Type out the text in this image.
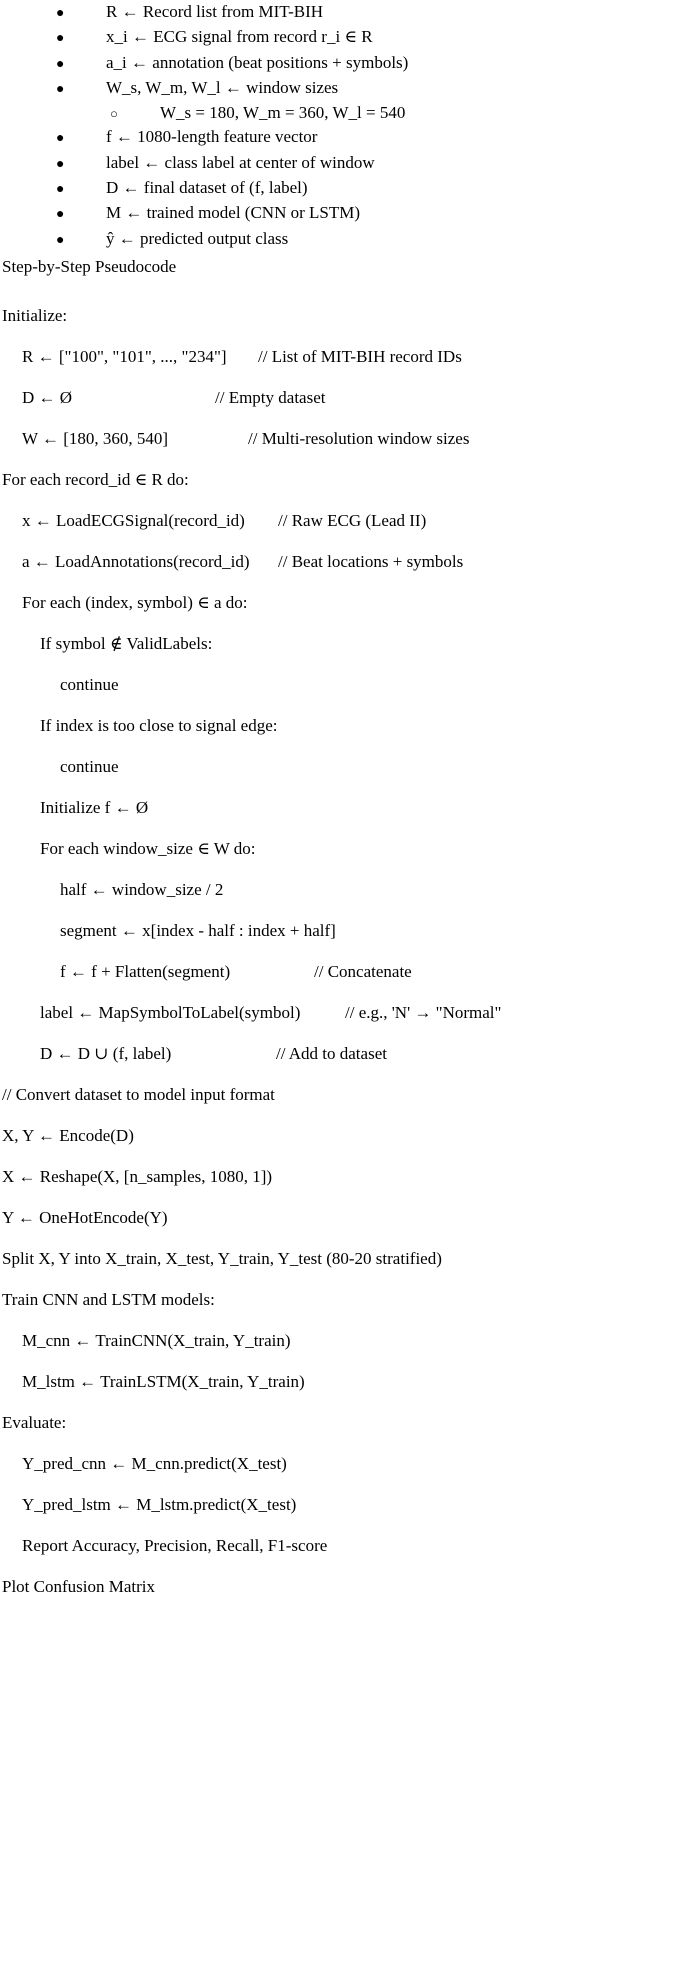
●	R ← Record list from MIT-BIH
●	x_i ← ECG signal from record r_i ∈ R
●	a_i ← annotation (beat positions + symbols)
●	W_s, W_m, W_l ← window sizes
○	W_s = 180, W_m = 360, W_l = 540
●	f ← 1080-length feature vector
●	label ← class label at center of window
●	D ← final dataset of (f, label)
●	M ← trained model (CNN or LSTM)
●	ŷ ← predicted output class
Step-by-Step Pseudocode
Initialize:
R ← ["100", "101", ..., "234"] // List of MIT-BIH record IDs
D ← Ø	// Empty dataset
W ← [180, 360, 540]	// Multi-resolution window sizes
For each record_id ∈ R do:
x ← LoadECGSignal(record_id) // Raw ECG (Lead II)
a ← LoadAnnotations(record_id) // Beat locations + symbols
For each (index, symbol) ∈ a do:
If symbol ∉ ValidLabels:
continue
If index is too close to signal edge:
continue
Initialize f ← Ø
For each window_size ∈ W do:
half ← window_size / 2
segment ← x[index - half : index + half]
f ← f + Flatten(segment)	// Concatenate
label ← MapSymbolToLabel(symbol)	// e.g., 'N' → "Normal"
D ← D ∪ (f, label)	// Add to dataset
// Convert dataset to model input format
X, Y ← Encode(D)
X ← Reshape(X, [n_samples, 1080, 1])
Y ← OneHotEncode(Y)
Split X, Y into X_train, X_test, Y_train, Y_test (80-20 stratified)
Train CNN and LSTM models:
M_cnn ← TrainCNN(X_train, Y_train)
M_lstm ← TrainLSTM(X_train, Y_train)
Evaluate:
Y_pred_cnn ← M_cnn.predict(X_test)
Y_pred_lstm ← M_lstm.predict(X_test)
Report Accuracy, Precision, Recall, F1-score
Plot Confusion Matrix
